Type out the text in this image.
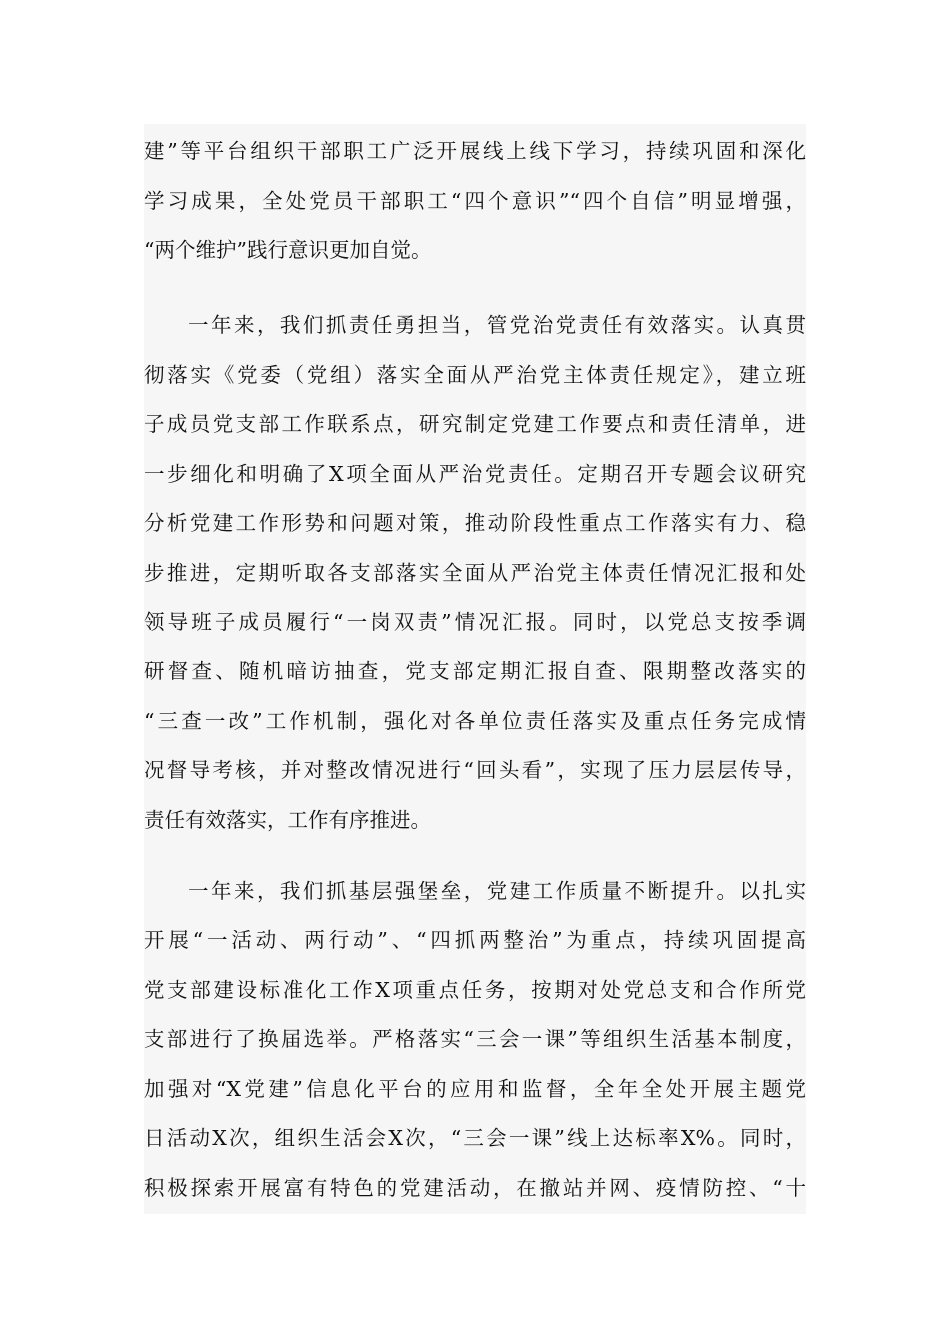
建”等平台组织干部职工广泛开展线上线下学习，持续巩固和深化
学习成果，全处党员干部职工“四个意识”“四个自信”明显增强，
“两个维护”践行意识更加自觉。
一年来，我们抓责任勇担当，管党治党责任有效落实。认真贯
彻落实《党委（党组）落实全面从严治党主体责任规定》，建立班
子成员党支部工作联系点，研究制定党建工作要点和责任清单，进
一步细化和明确了X项全面从严治党责任。定期召开专题会议研究
分析党建工作形势和问题对策，推动阶段性重点工作落实有力、稳
步推进，定期听取各支部落实全面从严治党主体责任情况汇报和处
领导班子成员履行“一岗双责”情况汇报。同时，以党总支按季调
研督查、随机暗访抽查，党支部定期汇报自查、限期整改落实的
“三查一改”工作机制，强化对各单位责任落实及重点任务完成情
况督导考核，并对整改情况进行“回头看”，实现了压力层层传导，
责任有效落实，工作有序推进。
一年来，我们抓基层强堡垒，党建工作质量不断提升。以扎实
开展“一活动、两行动”、“四抓两整治”为重点，持续巩固提高
党支部建设标准化工作X项重点任务，按期对处党总支和合作所党
支部进行了换届选举。严格落实“三会一课”等组织生活基本制度，
加强对“X党建”信息化平台的应用和监督，全年全处开展主题党
日活动X次，组织生活会X次，“三会一课”线上达标率X%。同时，
积极探索开展富有特色的党建活动，在撤站并网、疫情防控、“十
